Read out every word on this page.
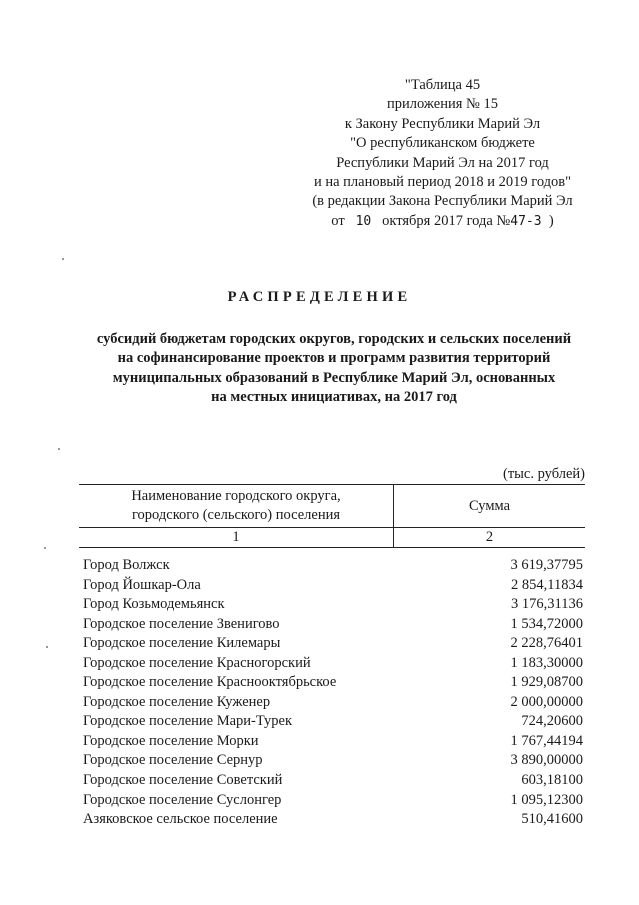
"Таблица 45
приложения № 15
к Закону Республики Марий Эл
"О республиканском бюджете
Республики Марий Эл на 2017 год
и на плановый период 2018 и 2019 годов"
(в редакции Закона Республики Марий Эл
от 10 октября 2017 года №47-З )
РАСПРЕДЕЛЕНИЕ
субсидий бюджетам городских округов, городских и сельских поселений
на софинансирование проектов и программ развития территорий
муниципальных образований в Республике Марий Эл, основанных
на местных инициативах, на 2017 год
(тыс. рублей)
Наименование городского округа,
городского (сельского) поселения
Сумма
1	2
Город Волжск	3 619,37795
Город Йошкар-Ола	2 854,11834
Город Козьмодемьянск	3 176,31136
Городское поселение Звенигово	1 534,72000
Городское поселение Килемары	2 228,76401
Городское поселение Красногорский	1 183,30000
Городское поселение Красноoктябрьское	1 929,08700
Городское поселение Куженер	2 000,00000
Городское поселение Мари-Турек	724,20600
Городское поселение Морки	1 767,44194
Городское поселение Сернур	3 890,00000
Городское поселение Советский	603,18100
Городское поселение Суслонгер	1 095,12300
Азяковское сельское поселение	510,41600
